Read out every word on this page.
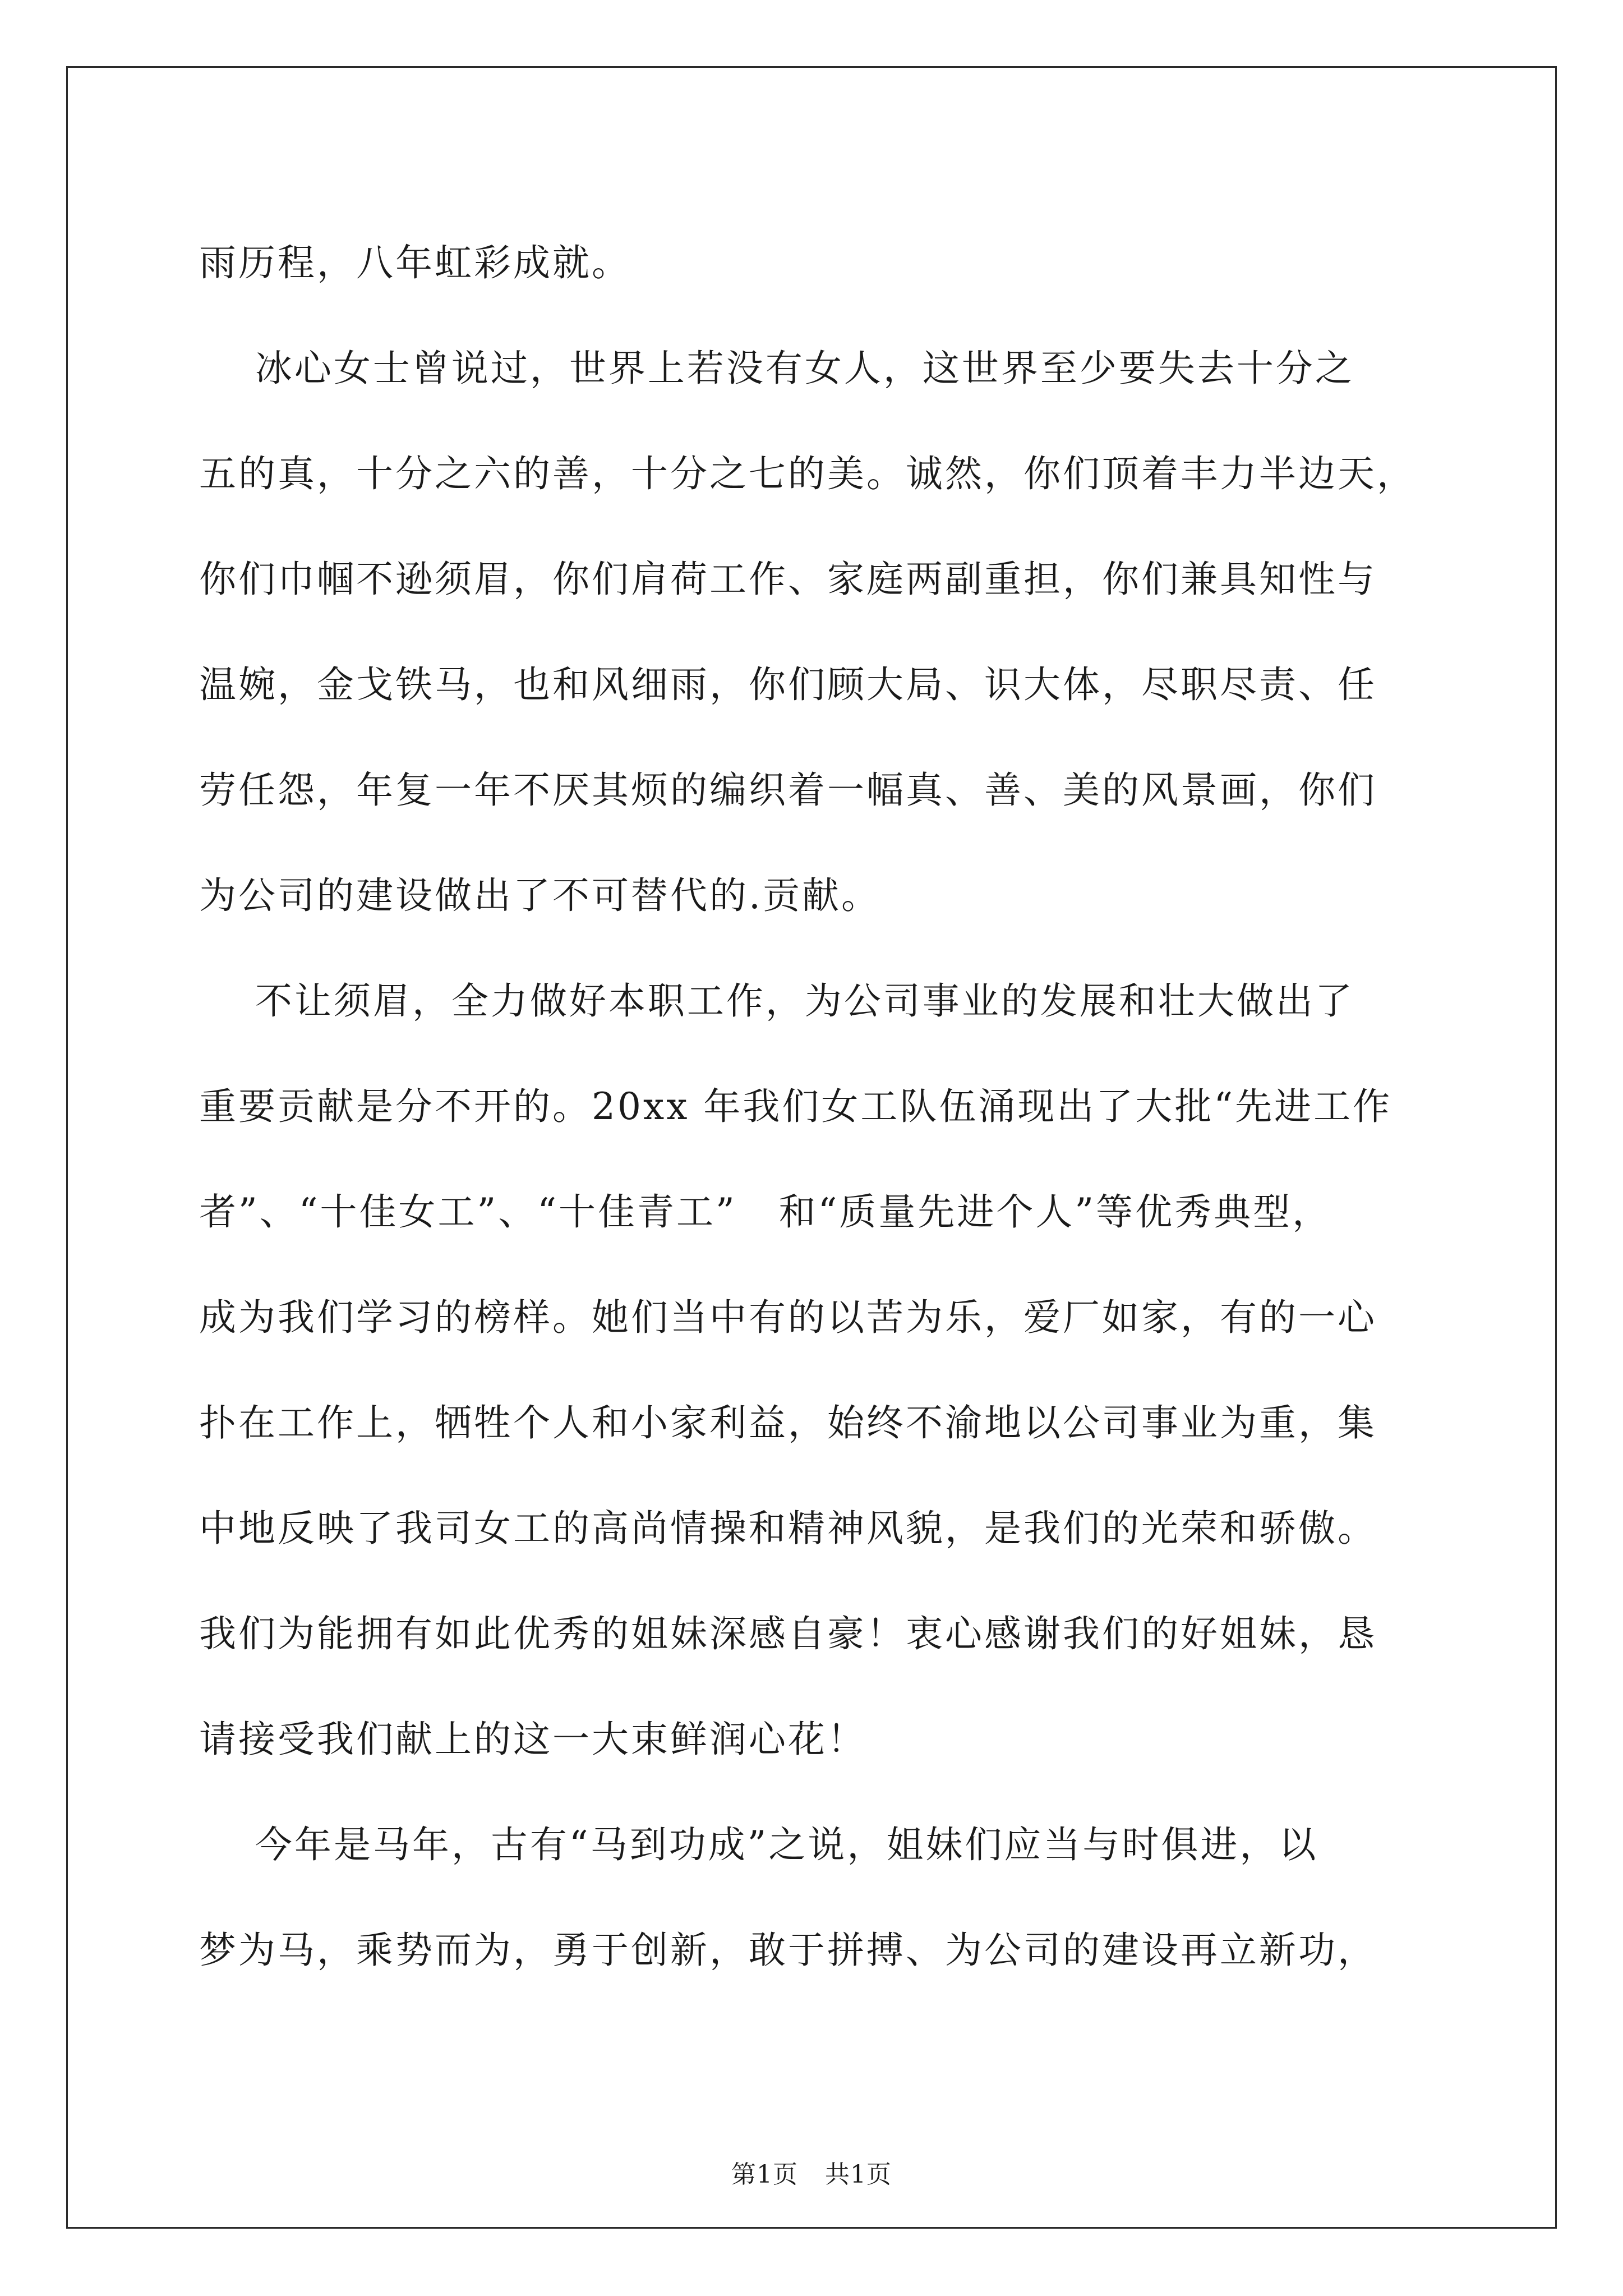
雨历程，八年虹彩成就。
冰心女士曾说过，世界上若没有女人，这世界至少要失去十分之
五的真，十分之六的善，十分之七的美。诚然，你们顶着丰力半边天，
你们巾帼不逊须眉，你们肩荷工作、家庭两副重担，你们兼具知性与
温婉，金戈铁马，也和风细雨，你们顾大局、识大体，尽职尽责、任
劳任怨，年复一年不厌其烦的编织着一幅真、善、美的风景画，你们
为公司的建设做出了不可替代的.贡献。
不让须眉，全力做好本职工作，为公司事业的发展和壮大做出了
重要贡献是分不开的。20xx 年我们女工队伍涌现出了大批“先进工作
者”、“十佳女工”、“十佳青工”   和“质量先进个人”等优秀典型，
成为我们学习的榜样。她们当中有的以苦为乐，爱厂如家，有的一心
扑在工作上，牺牲个人和小家利益，始终不渝地以公司事业为重，集
中地反映了我司女工的高尚情操和精神风貌，是我们的光荣和骄傲。
我们为能拥有如此优秀的姐妹深感自豪！衷心感谢我们的好姐妹，恳
请接受我们献上的这一大束鲜润心花！
今年是马年，古有“马到功成”之说，姐妹们应当与时俱进，以
梦为马，乘势而为，勇于创新，敢于拼搏、为公司的建设再立新功，
第1页 共1页
